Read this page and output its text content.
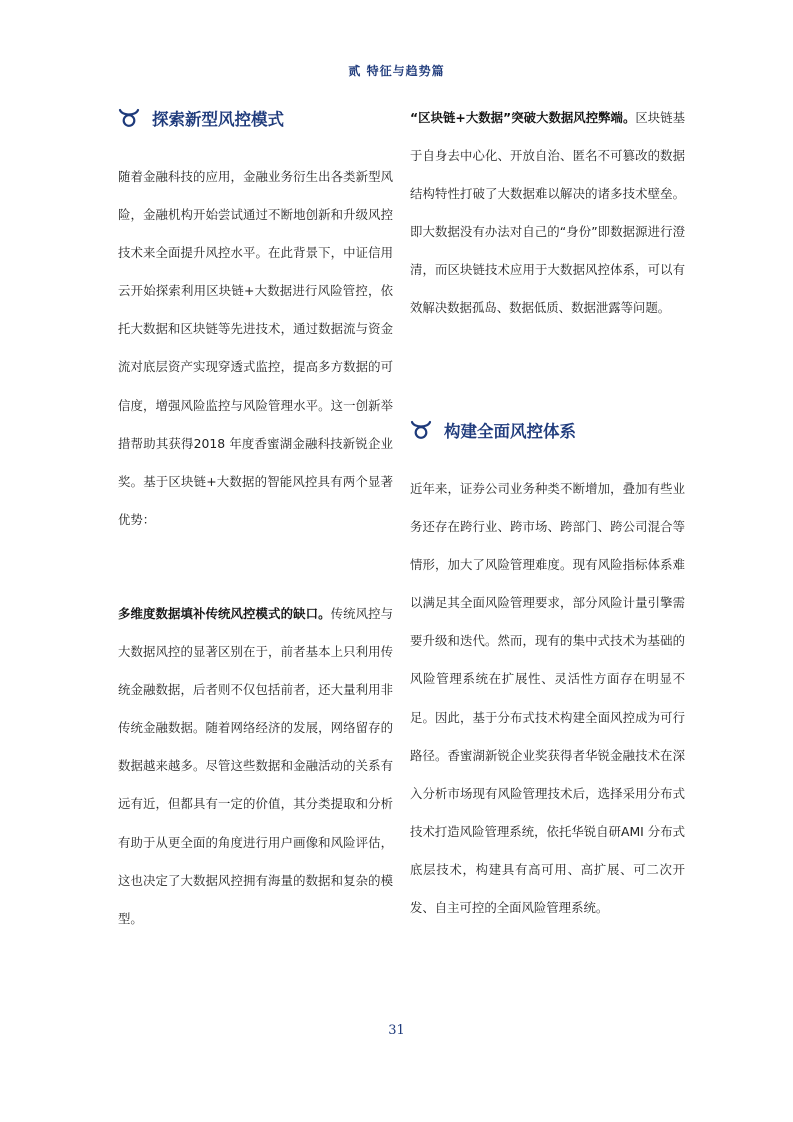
贰 特征与趋势篇
探索新型风控模式

随着金融科技的应用，金融业务衍生出各类新型风险，金融机构开始尝试通过不断地创新和升级风控技术来全面提升风控水平。在此背景下，中证信用云开始探索利用区块链+大数据进行风险管控，依托大数据和区块链等先进技术，通过数据流与资金流对底层资产实现穿透式监控，提高多方数据的可信度，增强风险监控与风险管理水平。这一创新举措帮助其获得2018 年度香蜜湖金融科技新锐企业奖。基于区块链+大数据的智能风控具有两个显著优势：

多维度数据填补传统风控模式的缺口。传统风控与大数据风控的显著区别在于，前者基本上只利用传统金融数据，后者则不仅包括前者，还大量利用非传统金融数据。随着网络经济的发展，网络留存的数据越来越多。尽管这些数据和金融活动的关系有远有近，但都具有一定的价值，其分类提取和分析有助于从更全面的角度进行用户画像和风险评估，这也决定了大数据风控拥有海量的数据和复杂的模型。

“区块链+大数据”突破大数据风控弊端。区块链基于自身去中心化、开放自治、匿名不可篡改的数据结构特性打破了大数据难以解决的诸多技术壁垒。即大数据没有办法对自己的“身份”即数据源进行澄清，而区块链技术应用于大数据风控体系，可以有效解决数据孤岛、数据低质、数据泄露等问题。

构建全面风控体系

近年来，证券公司业务种类不断增加，叠加有些业务还存在跨行业、跨市场、跨部门、跨公司混合等情形，加大了风险管理难度。现有风险指标体系难以满足其全面风险管理要求，部分风险计量引擎需要升级和迭代。然而，现有的集中式技术为基础的风险管理系统在扩展性、灵活性方面存在明显不足。因此，基于分布式技术构建全面风控成为可行路径。香蜜湖新锐企业奖获得者华锐金融技术在深入分析市场现有风险管理技术后，选择采用分布式技术打造风险管理系统，依托华锐自研AMI 分布式底层技术，构建具有高可用、高扩展、可二次开发、自主可控的全面风险管理系统。

31
